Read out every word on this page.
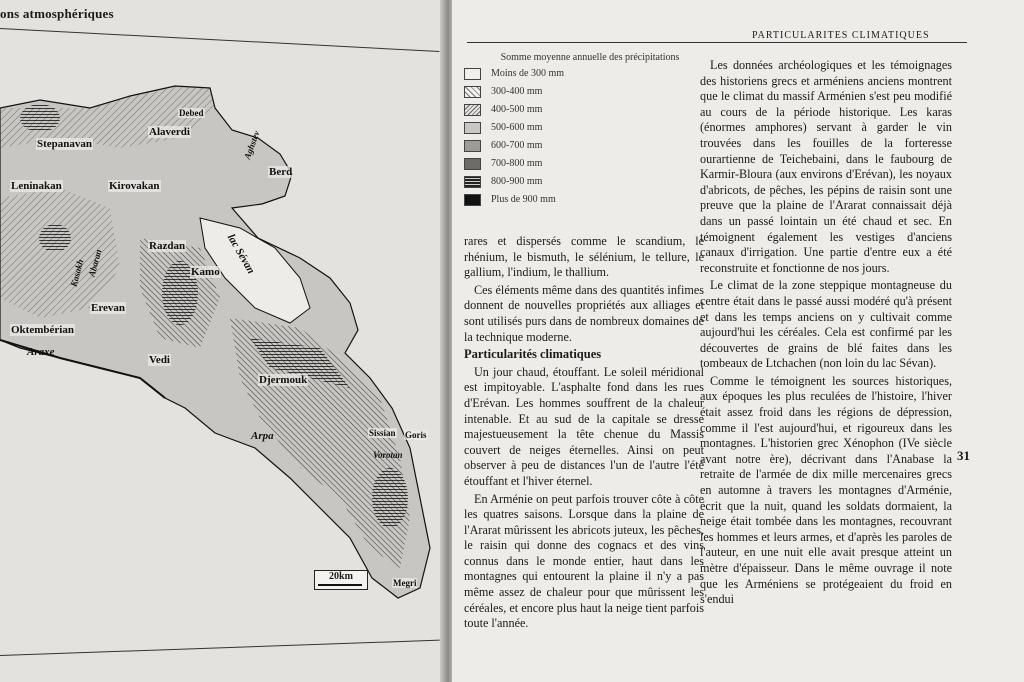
ons atmosphériques

Alaverdi
Stepanavan
Debed
Leninakan	Kirovakan
Berd
Razdan	lac Sévan
Kamo
Erevan
Oktembérian
Araxe
Vedi
Djermouk
Arpa	Sissian Goris
Vorotan
Megri
Aghstev
Abaran
Kasakh
20km
PARTICULARITES CLIMATIQUES
Somme moyenne annuelle des précipitations
Moins de 300 mm
300-400 mm
400-500 mm
500-600 mm
600-700 mm
700-800 mm
800-900 mm
Plus de 900 mm

rares et dispersés comme le scandium, le rhénium, le bismuth, le sélénium, le tellure, le gallium, l'indium, le thallium.

Ces éléments même dans des quantités infimes donnent de nouvelles propriétés aux alliages et sont utilisés purs dans de nombreux domaines de la technique moderne.

Particularités climatiques

Un jour chaud, étouffant. Le soleil méridional est impitoyable. L'asphalte fond dans les rues d'Erévan. Les hommes souffrent de la chaleur intenable. Et au sud de la capitale se dresse majestueusement la tête chenue du Massis couvert de neiges éternelles. Ainsi on peut observer à peu de distances l'un de l'autre l'été étouffant et l'hiver éternel.

En Arménie on peut parfois trouver côte à côte les quatres saisons. Lorsque dans la plaine de l'Ararat mûrissent les abricots juteux, les pêches, le raisin qui donne des cognacs et des vins connus dans le monde entier, haut dans les montagnes qui entourent la plaine il n'y a pas même assez de chaleur pour que mûrissent les céréales, et encore plus haut la neige tient parfois toute l'année.

Les données archéologiques et les témoignages des historiens grecs et arméniens anciens montrent que le climat du massif Arménien s'est peu modifié au cours de la période historique. Les karas (énormes amphores) servant à garder le vin trouvées dans les fouilles de la forteresse ourartienne de Teichebaini, dans le faubourg de Karmir-Bloura (aux environs d'Erévan), les noyaux d'abricots, de pêches, les pépins de raisin sont une preuve que la plaine de l'Ararat connaissait déjà dans un passé lointain un été chaud et sec. En témoignent également les vestiges d'anciens canaux d'irrigation. Une partie d'entre eux a été reconstruite et fonctionne de nos jours.

Le climat de la zone steppique montagneuse du centre était dans le passé aussi modéré qu'à présent et dans les temps anciens on y cultivait comme aujourd'hui les céréales. Cela est confirmé par les découvertes de grains de blé faites dans les tombeaux de Ltchachen (non loin du lac Sévan).

Comme le témoignent les sources historiques, aux époques les plus reculées de l'histoire, l'hiver était assez froid dans les régions de dépression, comme il l'est aujourd'hui, et rigoureux dans les montagnes. L'historien grec Xénophon (IVe siècle avant notre ère), décrivant dans l'Anabase la retraite de l'armée de dix mille mercenaires grecs en automne à travers les montagnes d'Arménie, écrit que la nuit, quand les soldats dormaient, la neige était tombée dans les montagnes, recouvrant les hommes et leurs armes, et d'après les paroles de l'auteur, en une nuit elle avait presque atteint un mètre d'épaisseur. Dans le même ouvrage il note que les Arméniens se protégeaient du froid en s'endui

31
